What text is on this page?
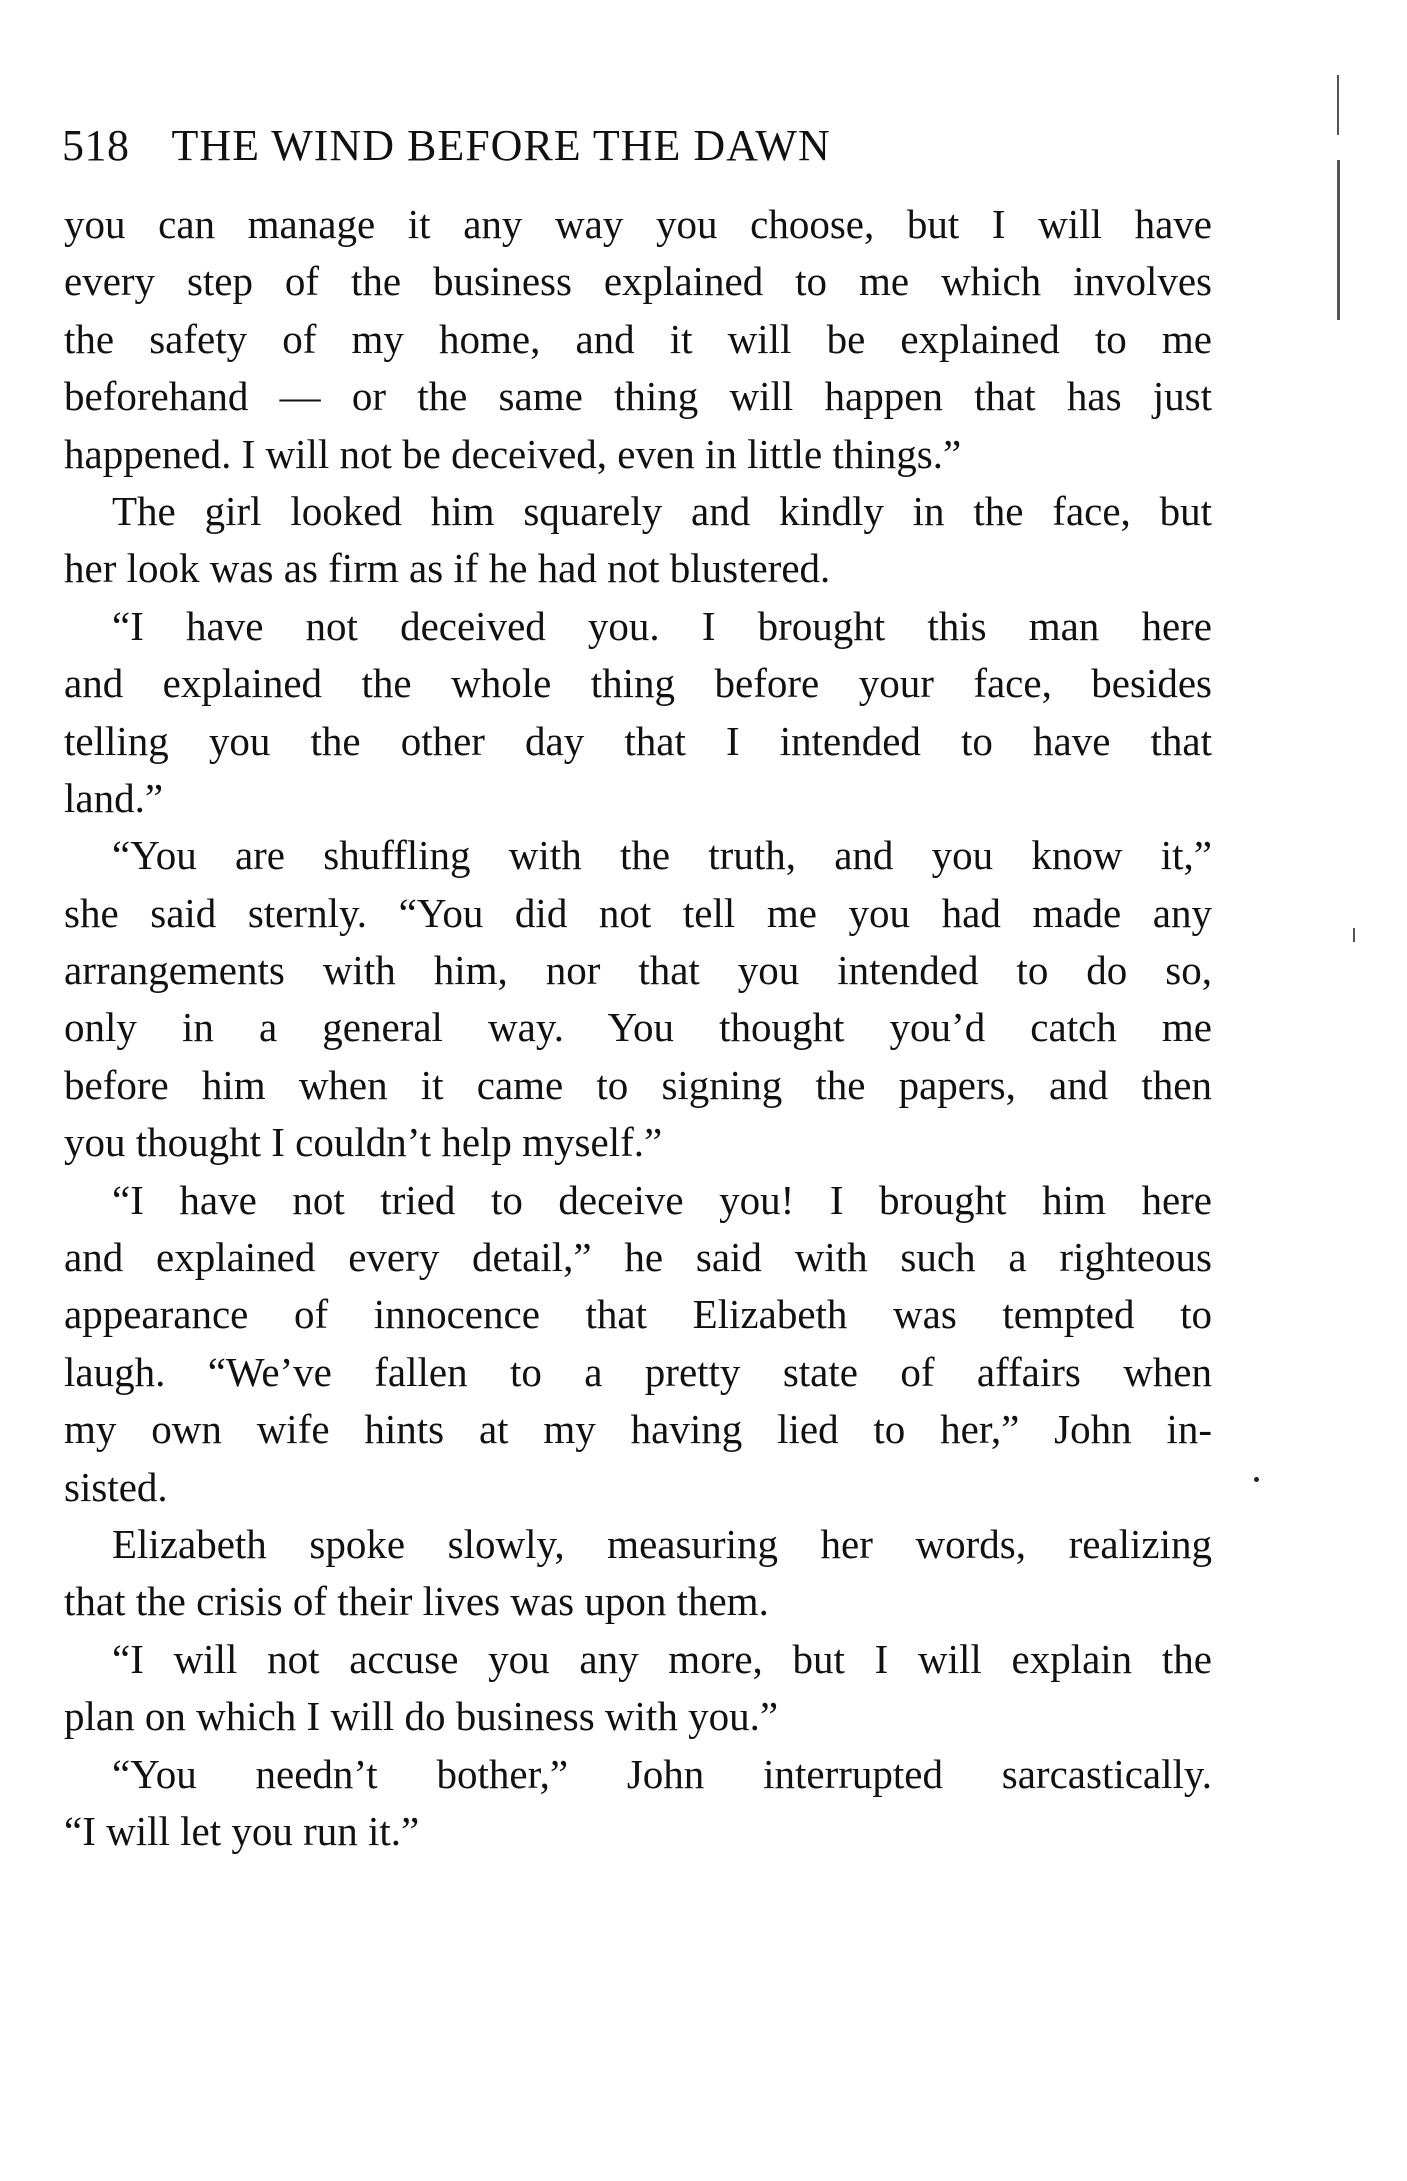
518 THE WIND BEFORE THE DAWN
you can manage it any way you choose, but I will have
every step of the business explained to me which involves
the safety of my home, and it will be explained to me
beforehand — or the same thing will happen that has just
happened. I will not be deceived, even in little things.”
The girl looked him squarely and kindly in the face, but
her look was as firm as if he had not blustered.
“I have not deceived you. I brought this man here
and explained the whole thing before your face, besides
telling you the other day that I intended to have that
land.”
“You are shuffling with the truth, and you know it,”
she said sternly. “You did not tell me you had made any
arrangements with him, nor that you intended to do so,
only in a general way. You thought you’d catch me
before him when it came to signing the papers, and then
you thought I couldn’t help myself.”
“I have not tried to deceive you! I brought him here
and explained every detail,” he said with such a righteous
appearance of innocence that Elizabeth was tempted to
laugh. “We’ve fallen to a pretty state of affairs when
my own wife hints at my having lied to her,” John in-
sisted.
Elizabeth spoke slowly, measuring her words, realizing
that the crisis of their lives was upon them.
“I will not accuse you any more, but I will explain the
plan on which I will do business with you.”
“You needn’t bother,” John interrupted sarcastically.
“I will let you run it.”
